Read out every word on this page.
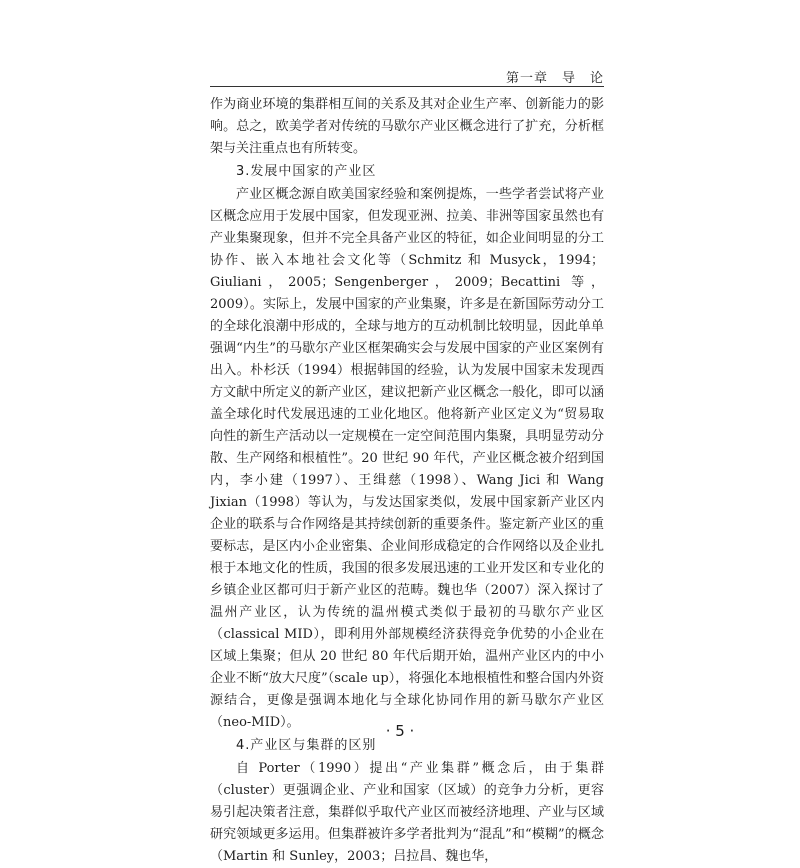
第一章　导　论

作为商业环境的集群相互间的关系及其对企业生产率、创新能力的影响。总之，欧美学者对传统的马歇尔产业区概念进行了扩充，分析框架与关注重点也有所转变。

3.发展中国家的产业区

产业区概念源自欧美国家经验和案例提炼，一些学者尝试将产业区概念应用于发展中国家，但发现亚洲、拉美、非洲等国家虽然也有产业集聚现象，但并不完全具备产业区的特征，如企业间明显的分工协作、嵌入本地社会文化等（Schmitz 和 Musyck，1994；Giuliani，2005；Sengenberger，2009；Becattini 等，2009）。实际上，发展中国家的产业集聚，许多是在新国际劳动分工的全球化浪潮中形成的，全球与地方的互动机制比较明显，因此单单强调“内生”的马歇尔产业区框架确实会与发展中国家的产业区案例有出入。朴杉沃（1994）根据韩国的经验，认为发展中国家未发现西方文献中所定义的新产业区，建议把新产业区概念一般化，即可以涵盖全球化时代发展迅速的工业化地区。他将新产业区定义为“贸易取向性的新生产活动以一定规模在一定空间范围内集聚，具明显劳动分散、生产网络和根植性”。20 世纪 90 年代，产业区概念被介绍到国内，李小建（1997）、王缉慈（1998）、Wang Jici 和 Wang Jixian（1998）等认为，与发达国家类似，发展中国家新产业区内企业的联系与合作网络是其持续创新的重要条件。鉴定新产业区的重要标志，是区内小企业密集、企业间形成稳定的合作网络以及企业扎根于本地文化的性质，我国的很多发展迅速的工业开发区和专业化的乡镇企业区都可归于新产业区的范畴。魏也华（2007）深入探讨了温州产业区，认为传统的温州模式类似于最初的马歇尔产业区（classical MID），即利用外部规模经济获得竞争优势的小企业在区域上集聚；但从 20 世纪 80 年代后期开始，温州产业区内的中小企业不断“放大尺度”（scale up），将强化本地根植性和整合国内外资源结合，更像是强调本地化与全球化协同作用的新马歇尔产业区（neo-MID）。

4.产业区与集群的区别

自 Porter（1990）提出“产业集群”概念后，由于集群（cluster）更强调企业、产业和国家（区域）的竞争力分析，更容易引起决策者注意，集群似乎取代产业区而被经济地理、产业与区域研究领域更多运用。但集群被许多学者批判为“混乱”和“模糊”的概念（Martin 和 Sunley，2003；吕拉昌、魏也华，

· 5 ·
